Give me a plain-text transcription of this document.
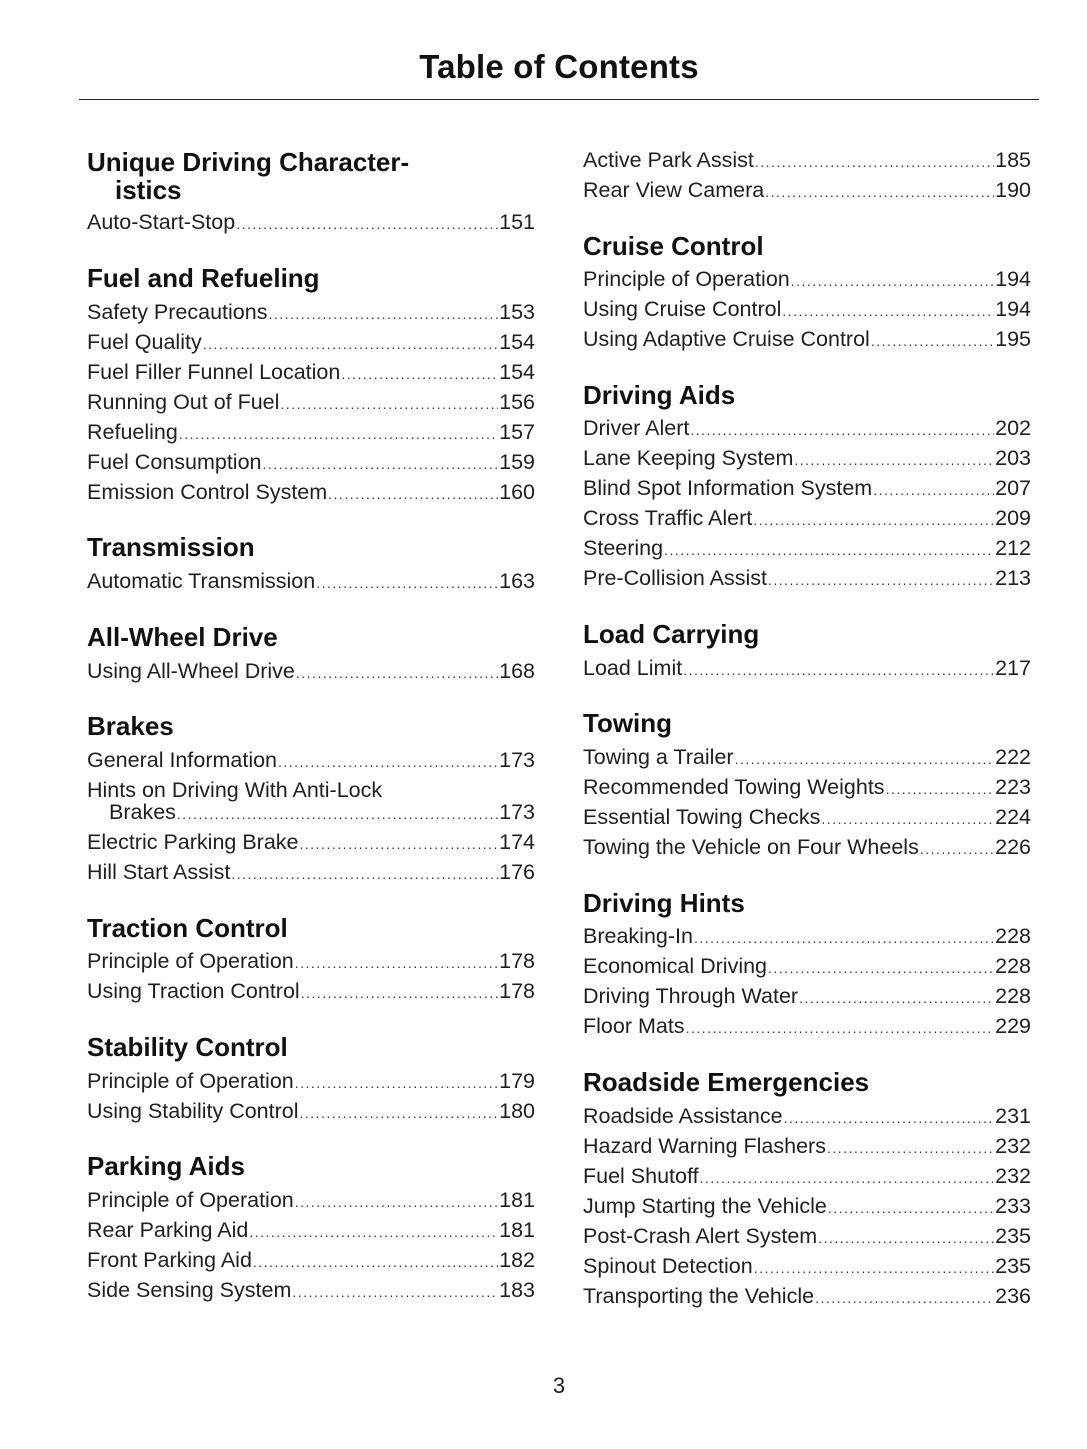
Table of Contents
Unique Driving Character-
istics
Auto-Start-Stop .....	151
Fuel and Refueling
Safety Precautions .....	153
Fuel Quality .....	154
Fuel Filler Funnel Location .....	154
Running Out of Fuel .....	156
Refueling .....	157
Fuel Consumption .....	159
Emission Control System .....	160
Transmission
Automatic Transmission .....	163
All-Wheel Drive
Using All-Wheel Drive .....	168
Brakes
General Information .....	173
Hints on Driving With Anti-Lock
Brakes .....	173
Electric Parking Brake .....	174
Hill Start Assist .....	176
Traction Control
Principle of Operation .....	178
Using Traction Control .....	178
Stability Control
Principle of Operation .....	179
Using Stability Control .....	180
Parking Aids
Principle of Operation .....	181
Rear Parking Aid .....	181
Front Parking Aid .....	182
Side Sensing System .....	183
Active Park Assist .....	185
Rear View Camera .....	190
Cruise Control
Principle of Operation .....	194
Using Cruise Control .....	194
Using Adaptive Cruise Control .....	195
Driving Aids
Driver Alert .....	202
Lane Keeping System .....	203
Blind Spot Information System .....	207
Cross Traffic Alert .....	209
Steering .....	212
Pre-Collision Assist .....	213
Load Carrying
Load Limit .....	217
Towing
Towing a Trailer .....	222
Recommended Towing Weights .....	223
Essential Towing Checks .....	224
Towing the Vehicle on Four Wheels .....	226
Driving Hints
Breaking-In .....	228
Economical Driving .....	228
Driving Through Water .....	228
Floor Mats .....	229
Roadside Emergencies
Roadside Assistance .....	231
Hazard Warning Flashers .....	232
Fuel Shutoff .....	232
Jump Starting the Vehicle .....	233
Post-Crash Alert System .....	235
Spinout Detection .....	235
Transporting the Vehicle .....	236
3
